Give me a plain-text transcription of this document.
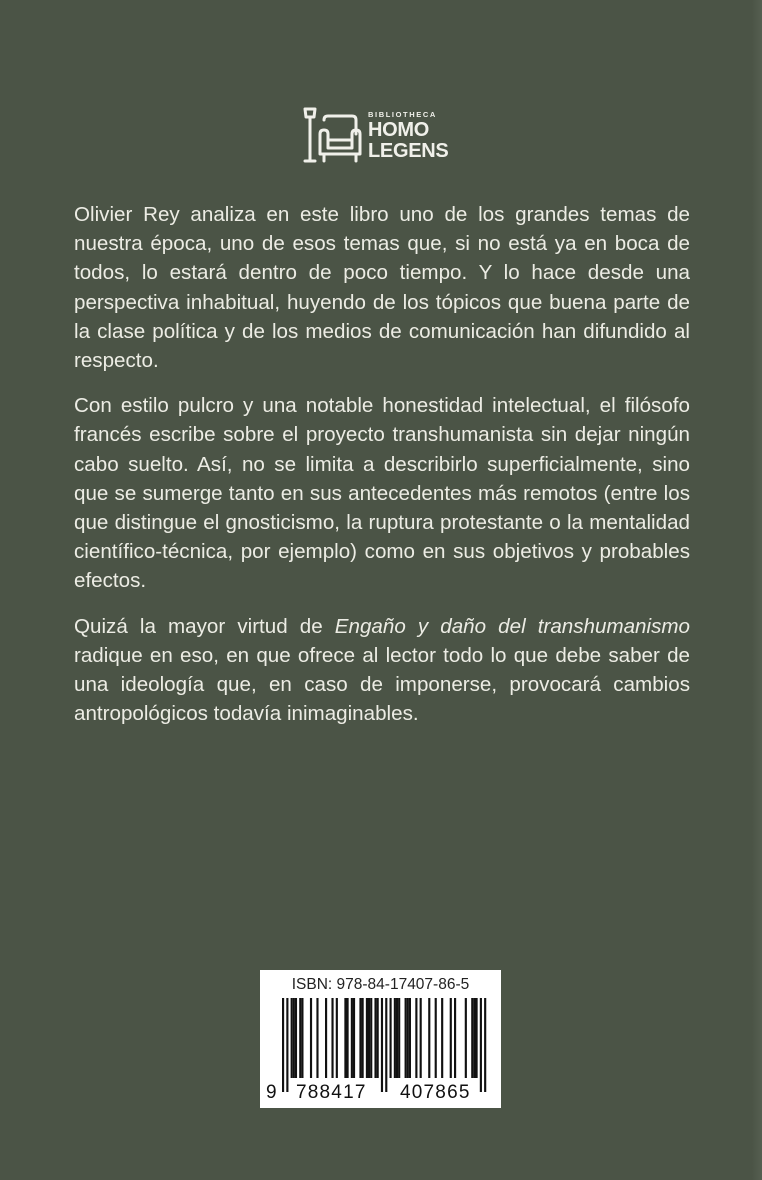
BIBLIOTHECA
HOMO
LEGENS

Olivier Rey analiza en este libro uno de los grandes temas de nuestra época, uno de esos temas que, si no está ya en boca de todos, lo estará dentro de poco tiempo. Y lo hace desde una perspectiva inhabitual, huyendo de los tópicos que buena parte de la clase política y de los medios de comunicación han difundido al respecto.

Con estilo pulcro y una notable honestidad intelectual, el filósofo francés escribe sobre el proyecto transhumanista sin dejar ningún cabo suelto. Así, no se limita a describirlo superficialmente, sino que se sumerge tanto en sus antecedentes más remotos (entre los que distingue el gnosticismo, la ruptura protestante o la mentalidad científico-técnica, por ejemplo) como en sus objetivos y probables efectos.

Quizá la mayor virtud de Engaño y daño del transhumanismo radique en eso, en que ofrece al lector todo lo que debe saber de una ideología que, en caso de imponerse, provocará cambios antropológicos todavía inimaginables.

ISBN: 978-84-17407-86-5
9 788417 407865
